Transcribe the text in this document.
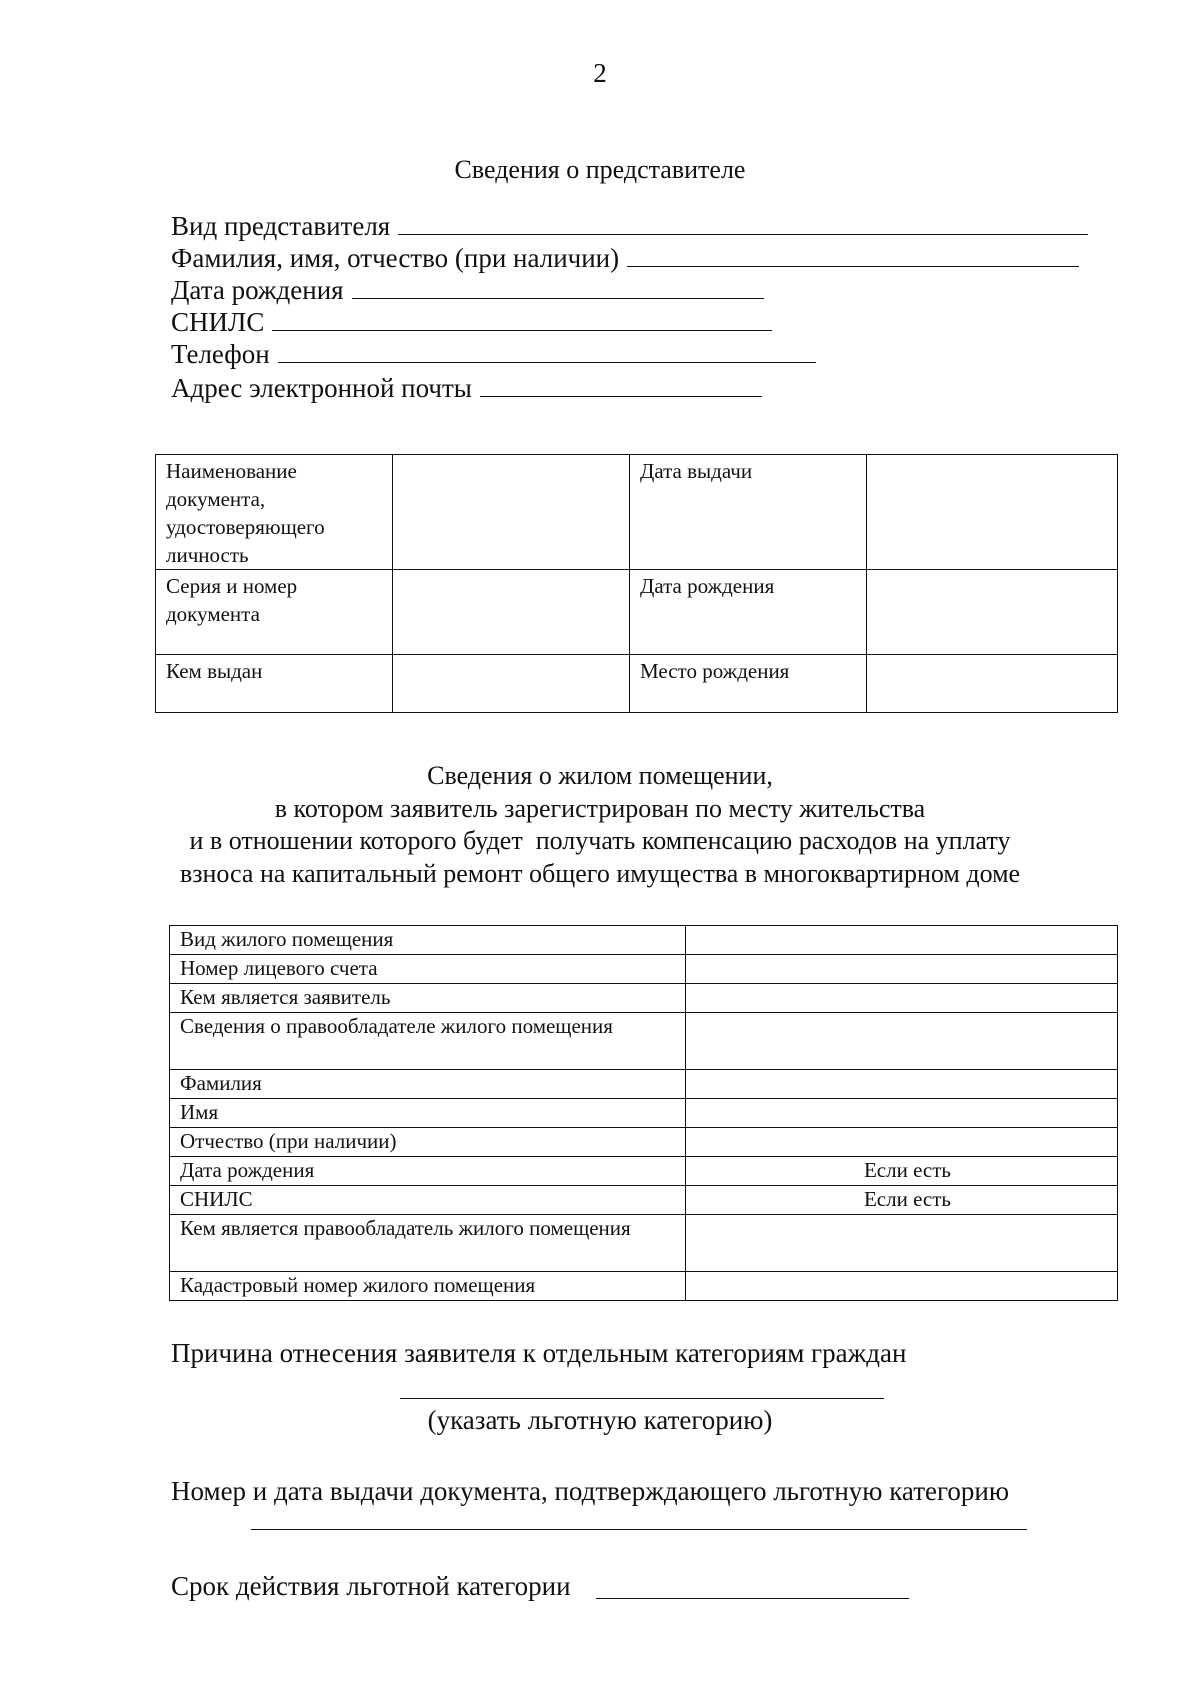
2
Сведения о представителе
Вид представителя
Фамилия, имя, отчество (при наличии)
Дата рождения
СНИЛС
Телефон
Адрес электронной почты
Наименование документа, удостоверяющего личность		Дата выдачи	
Серия и номер документа		Дата рождения	
Кем выдан		Место рождения	
Сведения о жилом помещении,
в котором заявитель зарегистрирован по месту жительства
и в отношении которого будет  получать компенсацию расходов на уплату
взноса на капитальный ремонт общего имущества в многоквартирном доме
Вид жилого помещения	
Номер лицевого счета	
Кем является заявитель	
Сведения о правообладателе жилого помещения	
Фамилия	
Имя	
Отчество (при наличии)	
Дата рождения	Если есть
СНИЛС	Если есть
Кем является правообладатель жилого помещения	
Кадастровый номер жилого помещения	
Причина отнесения заявителя к отдельным категориям граждан
(указать льготную категорию)
Номер и дата выдачи документа, подтверждающего льготную категорию
Срок действия льготной категории
